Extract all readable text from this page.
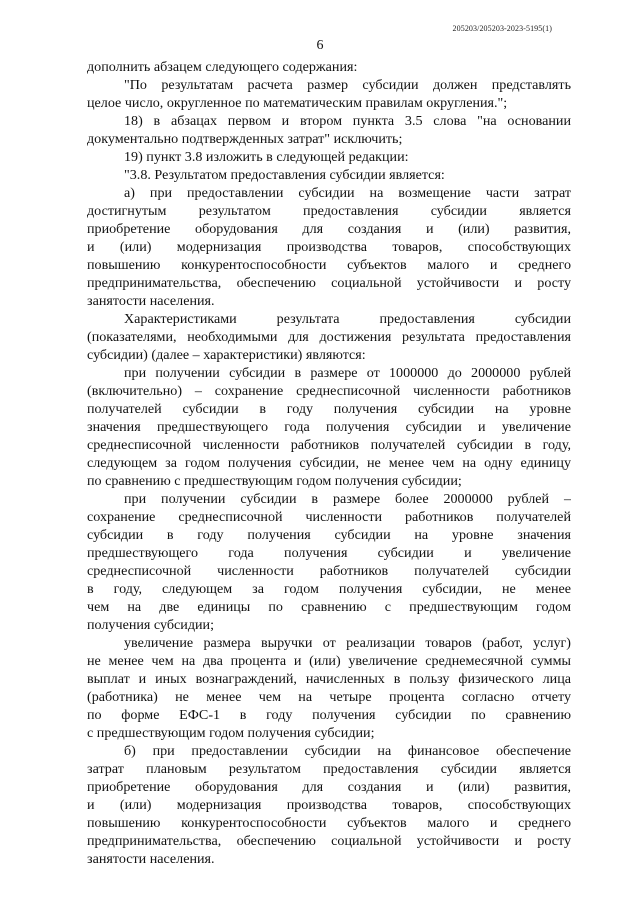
205203/205203-2023-5195(1)
6
дополнить абзацем следующего содержания:
"По результатам расчета размер субсидии должен представлять
целое число, округленное по математическим правилам округления.";
18) в абзацах первом и втором пункта 3.5 слова "на основании
документально подтвержденных затрат" исключить;
19) пункт 3.8 изложить в следующей редакции:
"3.8. Результатом предоставления субсидии является:
а) при предоставлении субсидии на возмещение части затрат
достигнутым результатом предоставления субсидии является
приобретение оборудования для создания и (или) развития,
и (или) модернизация производства товаров, способствующих
повышению конкурентоспособности субъектов малого и среднего
предпринимательства, обеспечению социальной устойчивости и росту
занятости населения.
Характеристиками результата предоставления субсидии
(показателями, необходимыми для достижения результата предоставления
субсидии) (далее – характеристики) являются:
при получении субсидии в размере от 1000000 до 2000000 рублей
(включительно) – сохранение среднесписочной численности работников
получателей субсидии в году получения субсидии на уровне
значения предшествующего года получения субсидии и увеличение
среднесписочной численности работников получателей субсидии в году,
следующем за годом получения субсидии, не менее чем на одну единицу
по сравнению с предшествующим годом получения субсидии;
при получении субсидии в размере более 2000000 рублей –
сохранение среднесписочной численности работников получателей
субсидии в году получения субсидии на уровне значения
предшествующего года получения субсидии и увеличение
среднесписочной численности работников получателей субсидии
в году, следующем за годом получения субсидии, не менее
чем на две единицы по сравнению с предшествующим годом
получения субсидии;
увеличение размера выручки от реализации товаров (работ, услуг)
не менее чем на два процента и (или) увеличение среднемесячной суммы
выплат и иных вознаграждений, начисленных в пользу физического лица
(работника) не менее чем на четыре процента согласно отчету
по форме ЕФС-1 в году получения субсидии по сравнению
с предшествующим годом получения субсидии;
б) при предоставлении субсидии на финансовое обеспечение
затрат плановым результатом предоставления субсидии является
приобретение оборудования для создания и (или) развития,
и (или) модернизация производства товаров, способствующих
повышению конкурентоспособности субъектов малого и среднего
предпринимательства, обеспечению социальной устойчивости и росту
занятости населения.
